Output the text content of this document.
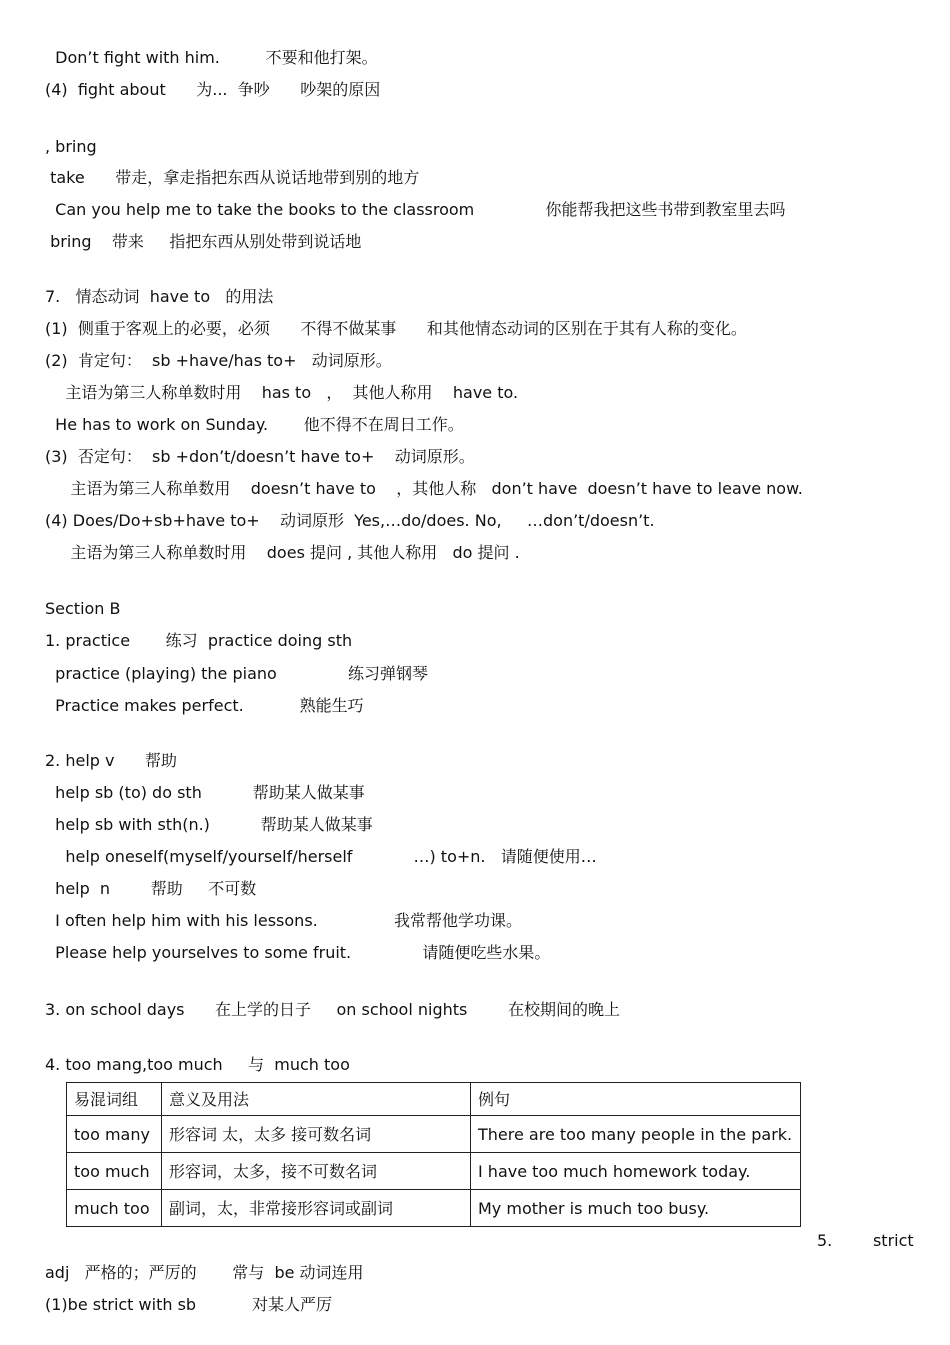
Don’t fight with him.         不要和他打架。
(4)  fight about      为...  争吵      吵架的原因
, bring
take      带走，拿走指把东西从说话地带到别的地方
Can you help me to take the books to the classroom              你能帮我把这些书带到教室里去吗
bring    带来     指把东西从别处带到说话地
7.   情态动词  have to   的用法
(1)  侧重于客观上的必要，必须      不得不做某事      和其他情态动词的区别在于其有人称的变化。
(2)  肯定句：  sb +have/has to+   动词原形。
主语为第三人称单数时用    has to   ，  其他人称用    have to.
He has to work on Sunday.       他不得不在周日工作。
(3)  否定句：  sb +don’t/doesn’t have to+    动词原形。
主语为第三人称单数用    doesn’t have to    ，其他人称   don’t have  doesn’t have to leave now.
(4) Does/Do+sb+have to+    动词原形  Yes,…do/does. No,     …don’t/doesn’t.
主语为第三人称单数时用    does 提问 , 其他人称用   do 提问 .
Section B
1. practice       练习  practice doing sth
practice (playing) the piano              练习弹钢琴
Practice makes perfect.           熟能生巧
2. help v      帮助
help sb (to) do sth          帮助某人做某事
help sb with sth(n.)          帮助某人做某事
help oneself(myself/yourself/herself            …) to+n.   请随便使用…
help  n        帮助     不可数
I often help him with his lessons.               我常帮他学功课。
Please help yourselves to some fruit.              请随便吃些水果。
3. on school days      在上学的日子     on school nights        在校期间的晚上
4. too mang,too much     与  much too
易混词组	意义及用法	例句
too many	形容词 太，太多 接可数名词	There are too many people in the park.
too much	形容词，太多，接不可数名词	I have too much homework today.
much too	副词，太，非常接形容词或副词	My mother is much too busy.
5.        strict
adj   严格的；严厉的       常与  be 动词连用
(1)be strict with sb           对某人严厉
